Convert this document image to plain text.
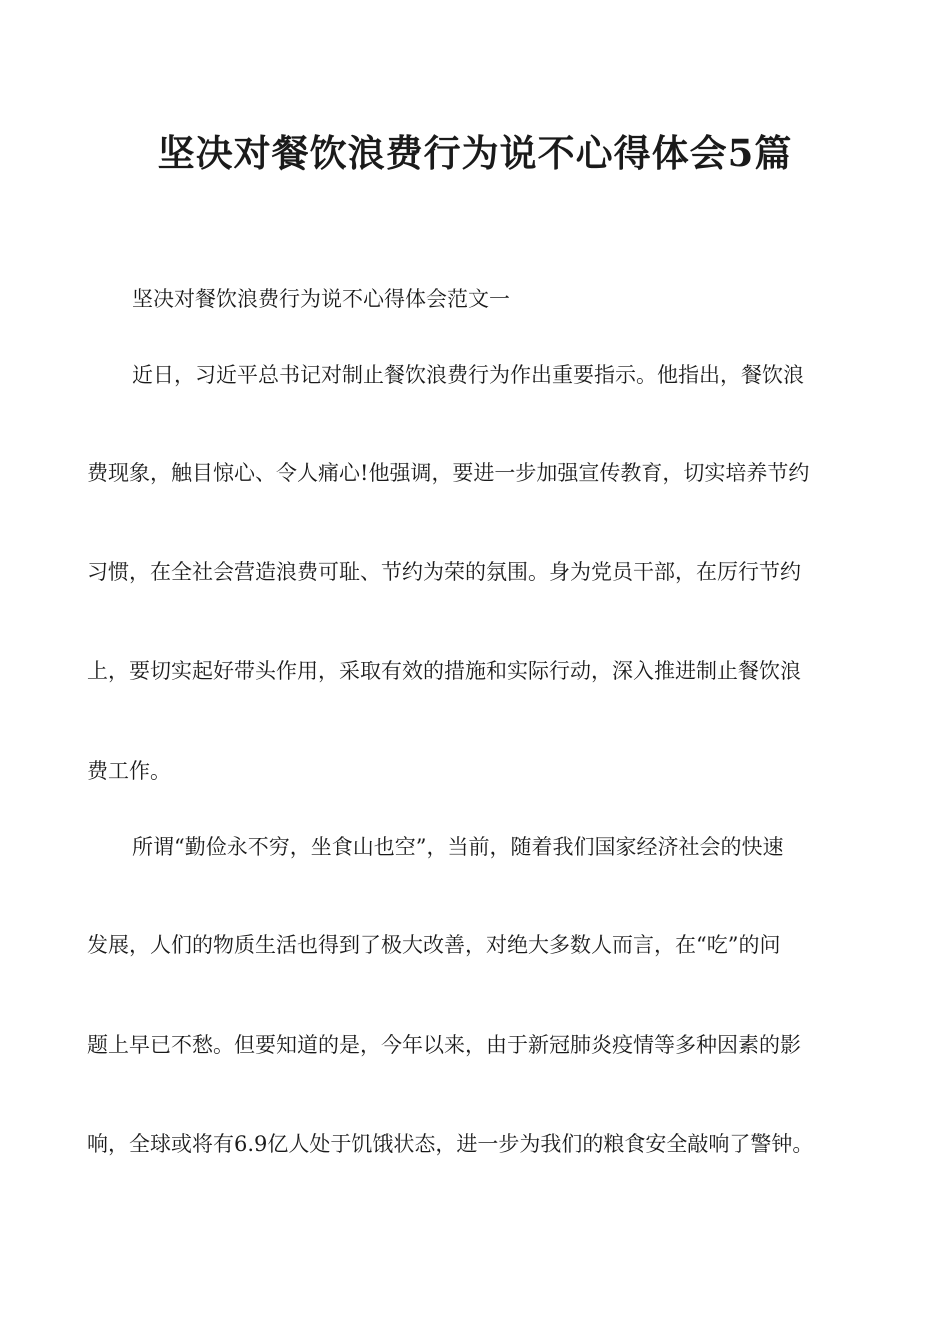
坚决对餐饮浪费行为说不心得体会5篇

坚决对餐饮浪费行为说不心得体会范文一

近日，习近平总书记对制止餐饮浪费行为作出重要指示。他指出，餐饮浪

费现象，触目惊心、令人痛心!他强调，要进一步加强宣传教育，切实培养节约

习惯，在全社会营造浪费可耻、节约为荣的氛围。身为党员干部，在厉行节约

上，要切实起好带头作用，采取有效的措施和实际行动，深入推进制止餐饮浪

费工作。

所谓“勤俭永不穷，坐食山也空”，当前，随着我们国家经济社会的快速

发展，人们的物质生活也得到了极大改善，对绝大多数人而言，在“吃”的问

题上早已不愁。但要知道的是，今年以来，由于新冠肺炎疫情等多种因素的影

响，全球或将有6.9亿人处于饥饿状态，进一步为我们的粮食安全敲响了警钟。
